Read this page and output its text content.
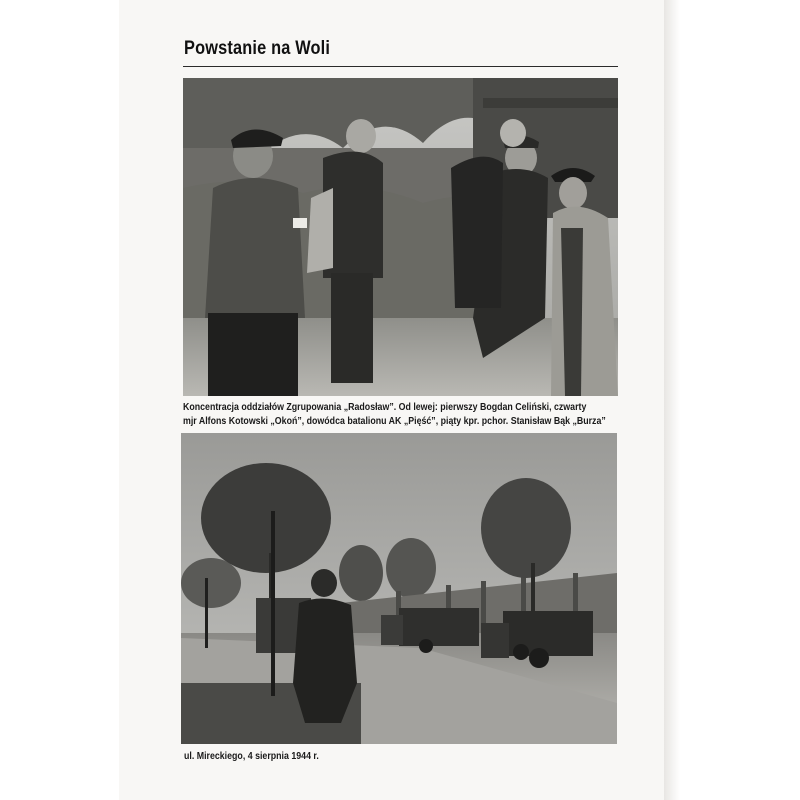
Powstanie na Woli
Koncentracja oddziałów Zgrupowania „Radosław”. Od lewej: pierwszy Bogdan Celiński, czwarty
mjr Alfons Kotowski „Okoń”, dowódca batalionu AK „Pięść”, piąty kpr. pchor. Stanisław Bąk „Burza”
ul. Mireckiego, 4 sierpnia 1944 r.
